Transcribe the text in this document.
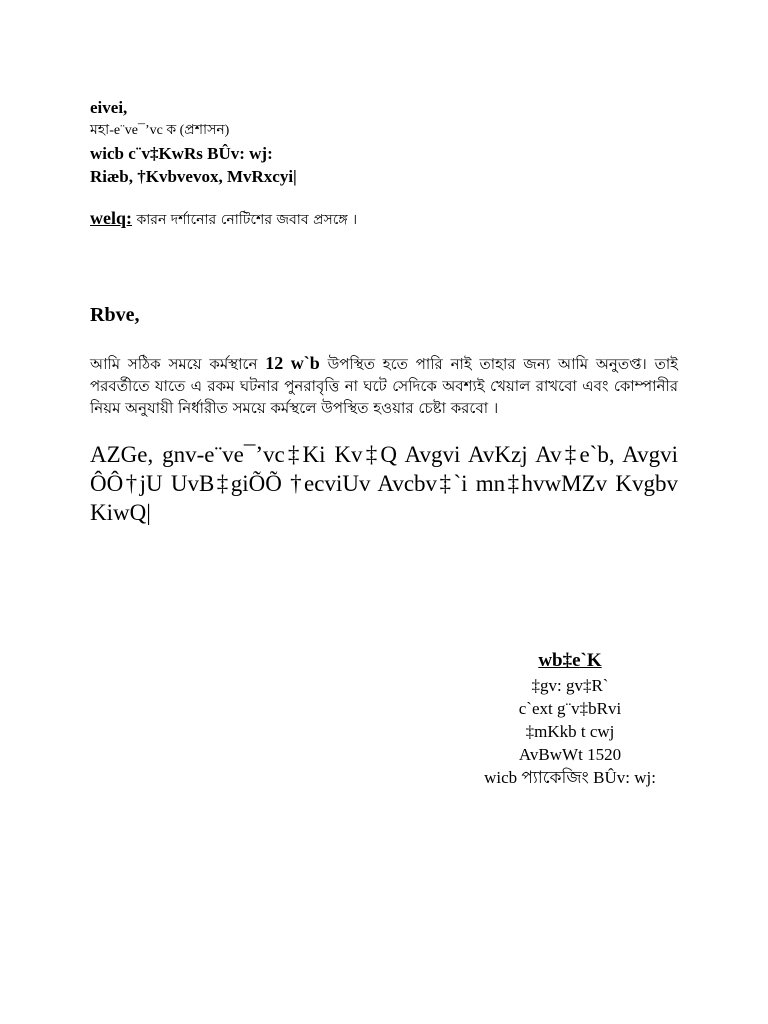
eivei,
মহা-e¨ve¯’vc ক (প্রশাসন)
wicb c¨v‡KwRs BÛv: wj:
Riæb, †Kvbvevox, MvRxcyi|
welq: কারন দর্শানোর নোটিশের জবাব প্রসঙ্গে ।
Rbve,
আমি সঠিক সময়ে কর্মস্থানে 12 w`b উপস্থিত হতে পারি নাই তাহার জন্য আমি অনুতপ্ত। তাই পরবর্তীতে যাতে এ রকম ঘটনার পুনরাবৃত্তি না ঘটে সেদিকে অবশ্যই খেয়াল রাখবো এবং কোম্পানীর নিয়ম অনুযায়ী নির্ধারীত সময়ে কর্মস্থলে উপস্থিত হওয়ার চেষ্টা করবো ।
AZGe, gnv-e¨ve¯’vc‡Ki Kv‡Q Avgvi AvKzj Av‡e`b, Avgvi ÔÔ†jU UvB‡giÕÕ †ecviUv Avcbv‡`i mn‡hvwMZv Kvgbv KiwQ|
wb‡e`K
‡gv: gv‡R`
c`ext g¨v‡bRvi
‡mKkb t cwj
AvBwWt 1520
wicb প্যাকেজিং BÛv: wj:
